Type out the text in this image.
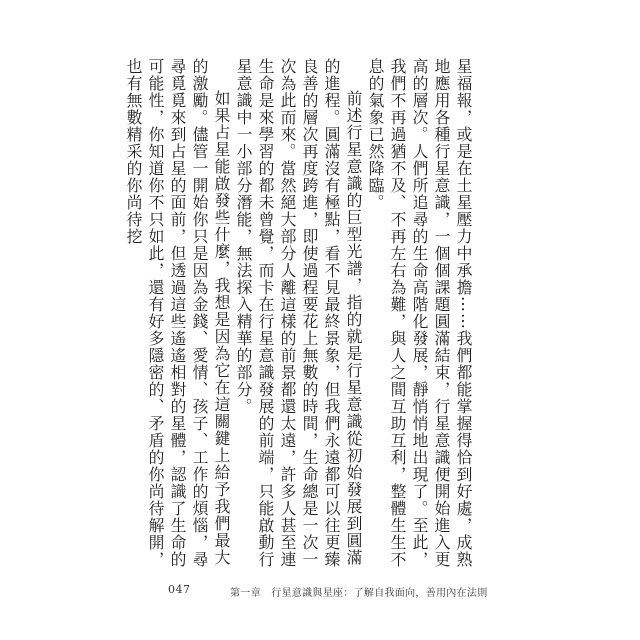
星福報，或是在土星壓力中承擔⋯⋯我們都能掌握得恰到好處，成熟地應用各種行星意識，一個個課題圓滿結束，行星意識便開始進入更高的層次。人們所追尋的生命高階化發展，靜悄悄地出現了。至此，我們不再過猶不及、不再左右為難，與人之間互助互利，整體生生不息的氣象已然降臨。

前述行星意識的巨型光譜，指的就是行星意識從初始發展到圓滿的進程。圓滿沒有極點，看不見最終景象，但我們永遠都可以往更臻良善的層次再度跨進，即使過程要花上無數的時間，生命總是一次一次為此而來。當然絕大部分人離這樣的前景都還太遠，許多人甚至連生命是來學習的都未曾覺，而卡在行星意識發展的前端，只能啟動行星意識中一小部分潛能，無法探入精華的部分。

如果占星能啟發些什麼，我想是因為它在這關鍵上給予我們最大的激勵。儘管一開始你只是因為金錢、愛情、孩子、工作的煩惱，尋尋覓覓來到占星的面前，但透過這些遙遙相對的星體，認識了生命的可能性，你知道你不只如此，還有好多隱密的、矛盾的你尚待解開，也有無數精采的你尚待挖

047	第一章　行星意識與星座：了解自我面向，善用內在法則
